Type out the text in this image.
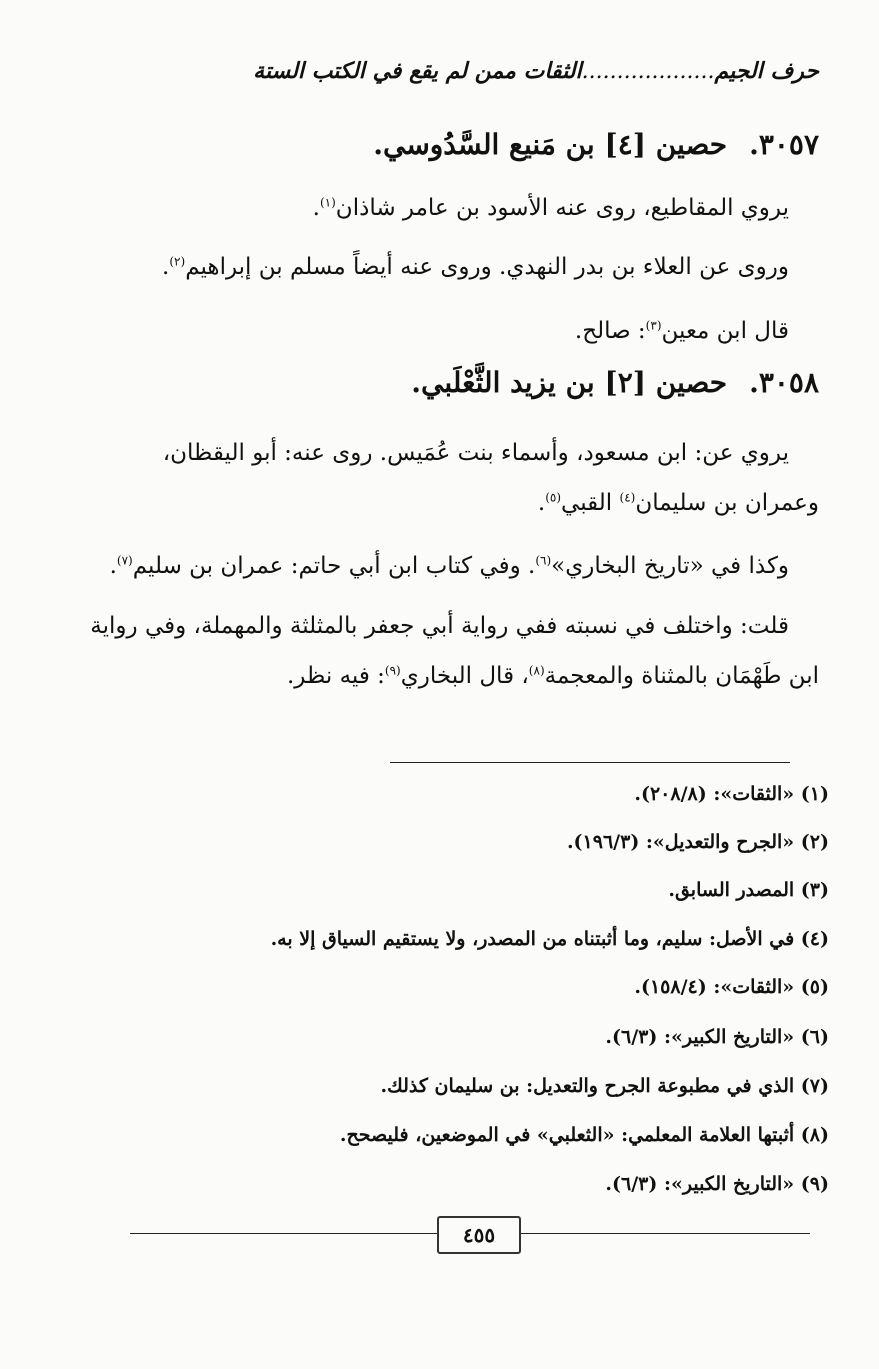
حرف الجيم...................الثقات ممن لم يقع في الكتب الستة
٣٠٥٧.حصين [٤] بن مَنيع السَّدُوسي.
يروي المقاطيع، روى عنه الأسود بن عامر شاذان$^{(١)}$.
وروى عن العلاء بن بدر النهدي. وروى عنه أيضاً مسلم بن إبراهيم$^{(٢)}$.
قال ابن معين$^{(٣)}$: صالح.
٣٠٥٨.حصين [٢] بن يزيد الثَّعْلَبي.
يروي عن: ابن مسعود، وأسماء بنت عُمَيس. روى عنه: أبو اليقظان،
وعمران بن سليمان$^{(٤)}$ القبي$^{(٥)}$.
وكذا في «تاريخ البخاري»$^{(٦)}$. وفي كتاب ابن أبي حاتم: عمران بن سليم$^{(٧)}$.
قلت: واختلف في نسبته ففي رواية أبي جعفر بالمثلثة والمهملة، وفي رواية
ابن طَهْمَان بالمثناة والمعجمة$^{(٨)}$، قال البخاري$^{(٩)}$: فيه نظر.
(١) «الثقات»: (٢٠٨/٨).
(٢) «الجرح والتعديل»: (١٩٦/٣).
(٣) المصدر السابق.
(٤) في الأصل: سليم، وما أثبتناه من المصدر، ولا يستقيم السياق إلا به.
(٥) «الثقات»: (١٥٨/٤).
(٦) «التاريخ الكبير»: (٦/٣).
(٧) الذي في مطبوعة الجرح والتعديل: بن سليمان كذلك.
(٨) أثبتها العلامة المعلمي: «الثعلبي» في الموضعين، فليصحح.
(٩) «التاريخ الكبير»: (٦/٣).
٤٥٥
